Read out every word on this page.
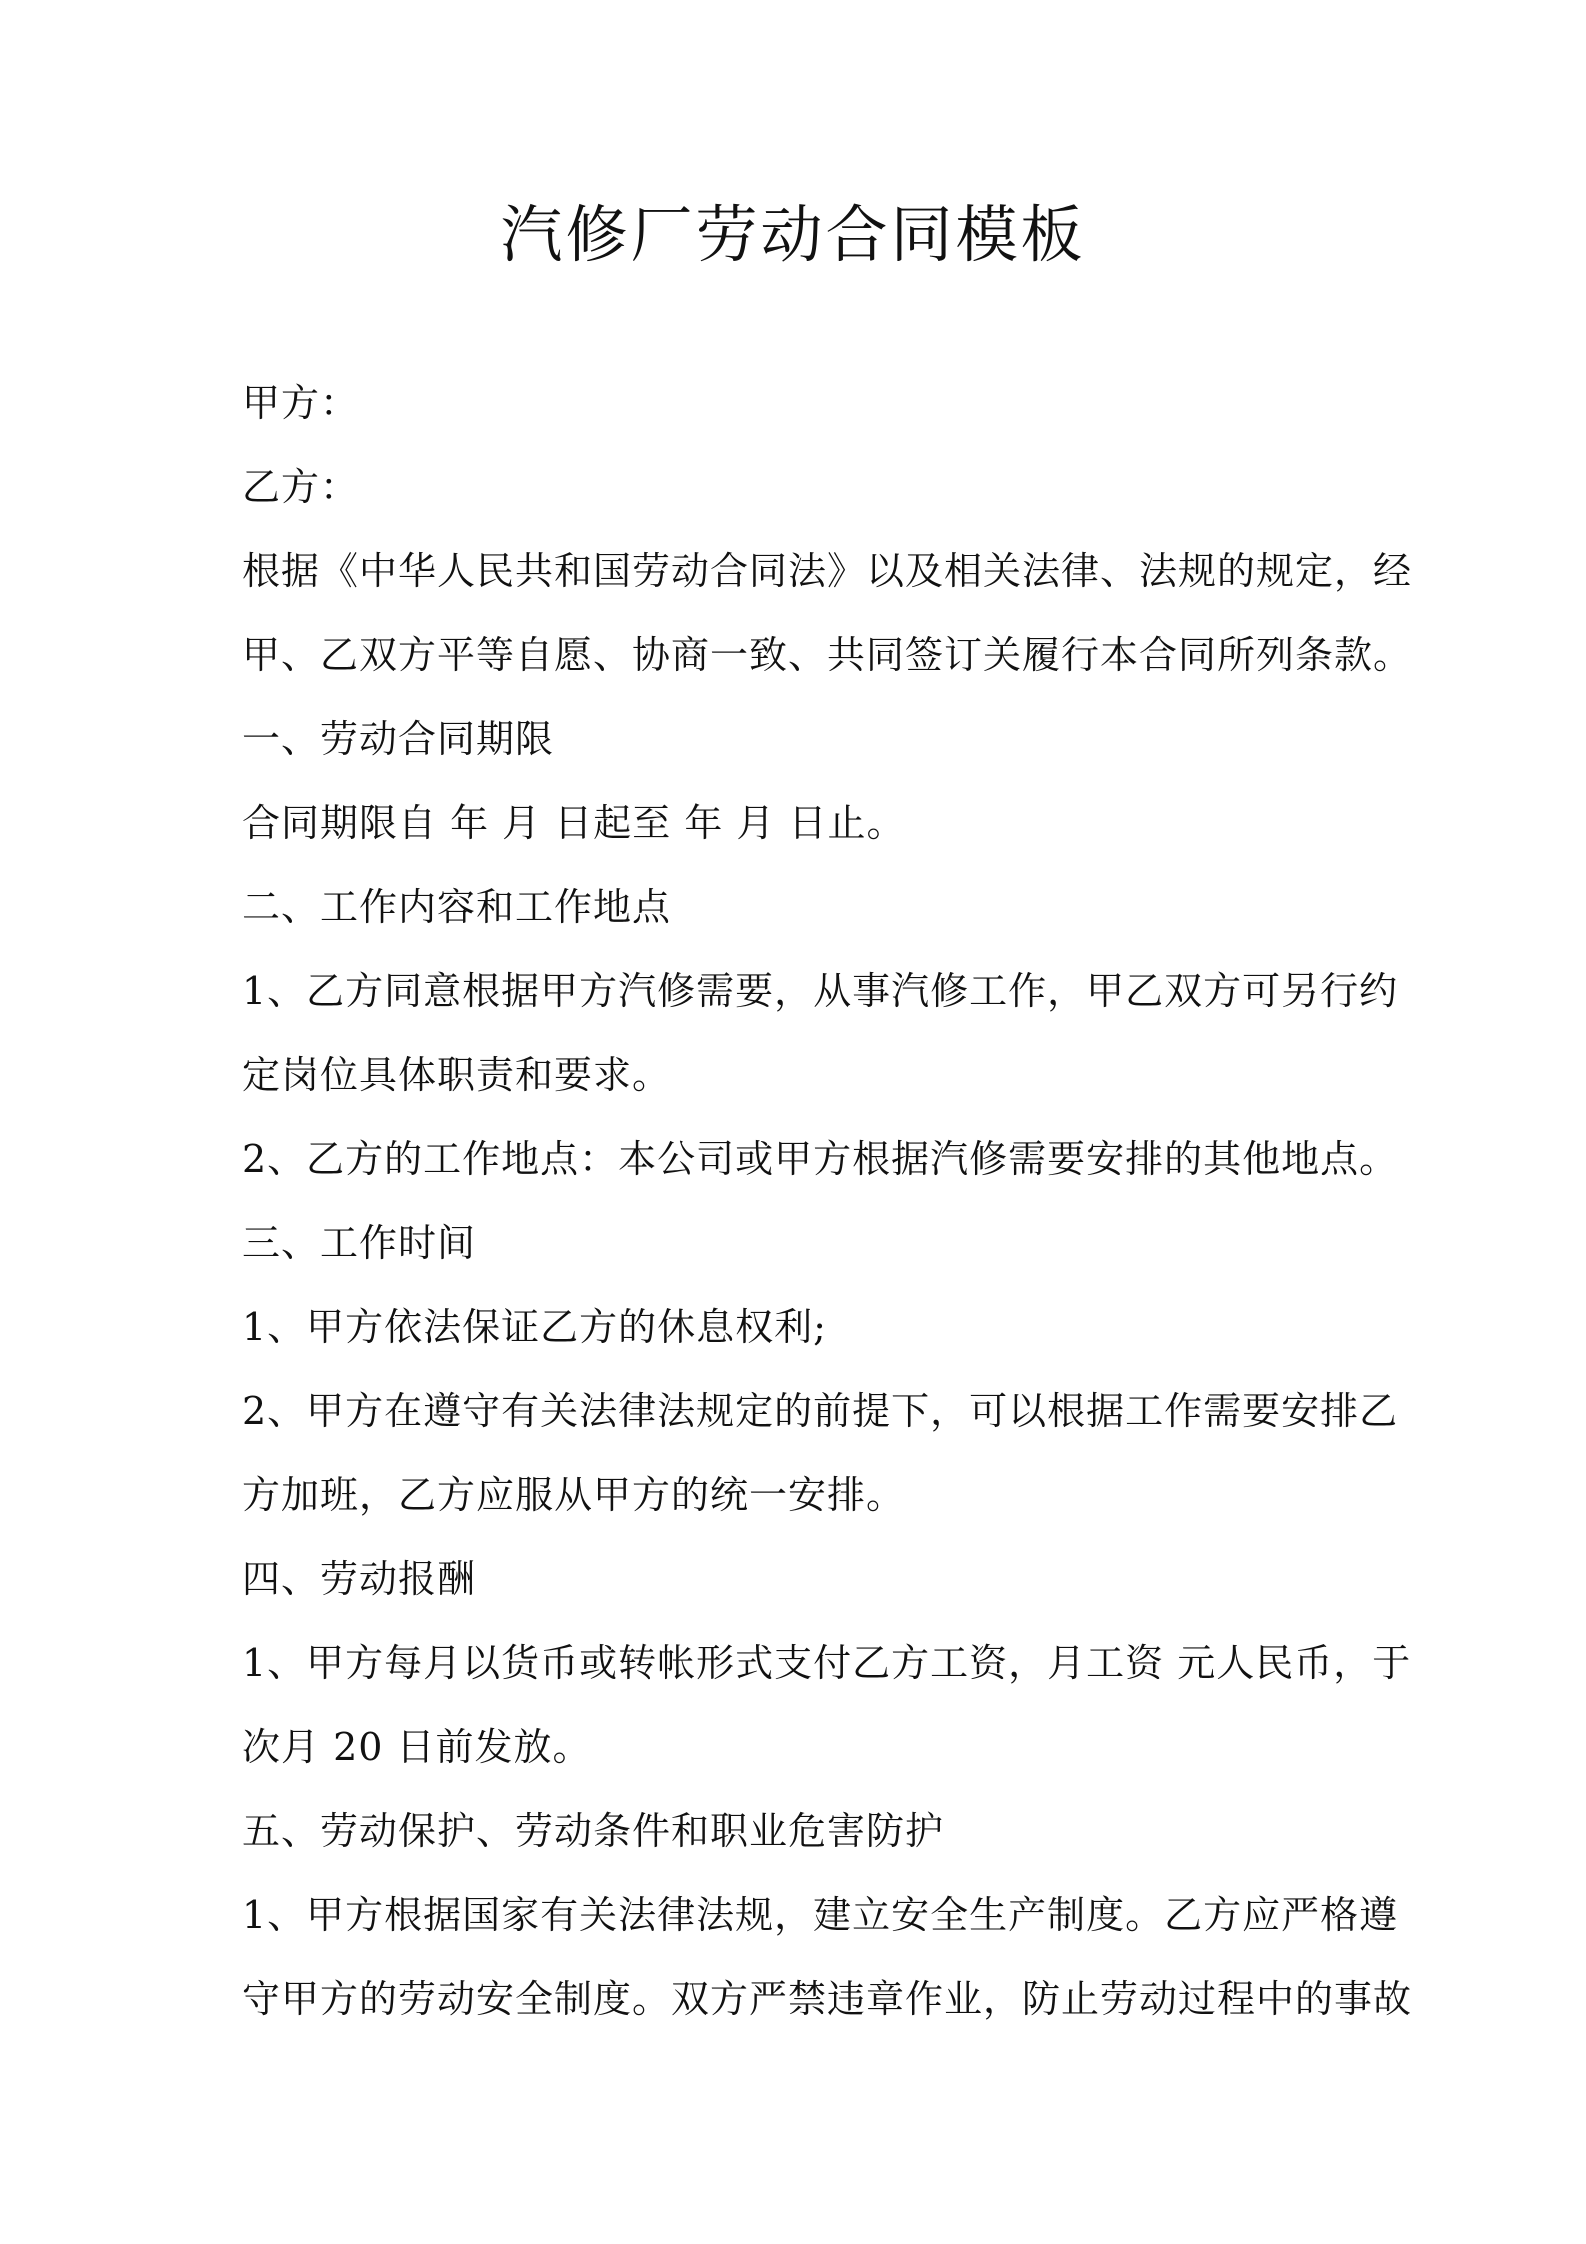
汽修厂劳动合同模板
甲方：
乙方：
根据《中华人民共和国劳动合同法》以及相关法律、法规的规定，经
甲、乙双方平等自愿、协商一致、共同签订关履行本合同所列条款。
一、劳动合同期限
合同期限自 年 月 日起至 年 月 日止。
二、工作内容和工作地点
1、乙方同意根据甲方汽修需要，从事汽修工作，甲乙双方可另行约
定岗位具体职责和要求。
2、乙方的工作地点：本公司或甲方根据汽修需要安排的其他地点。
三、工作时间
1、甲方依法保证乙方的休息权利;
2、甲方在遵守有关法律法规定的前提下，可以根据工作需要安排乙
方加班，乙方应服从甲方的统一安排。
四、劳动报酬
1、甲方每月以货币或转帐形式支付乙方工资，月工资 元人民币，于
次月 20 日前发放。
五、劳动保护、劳动条件和职业危害防护
1、甲方根据国家有关法律法规，建立安全生产制度。乙方应严格遵
守甲方的劳动安全制度。双方严禁违章作业，防止劳动过程中的事故
